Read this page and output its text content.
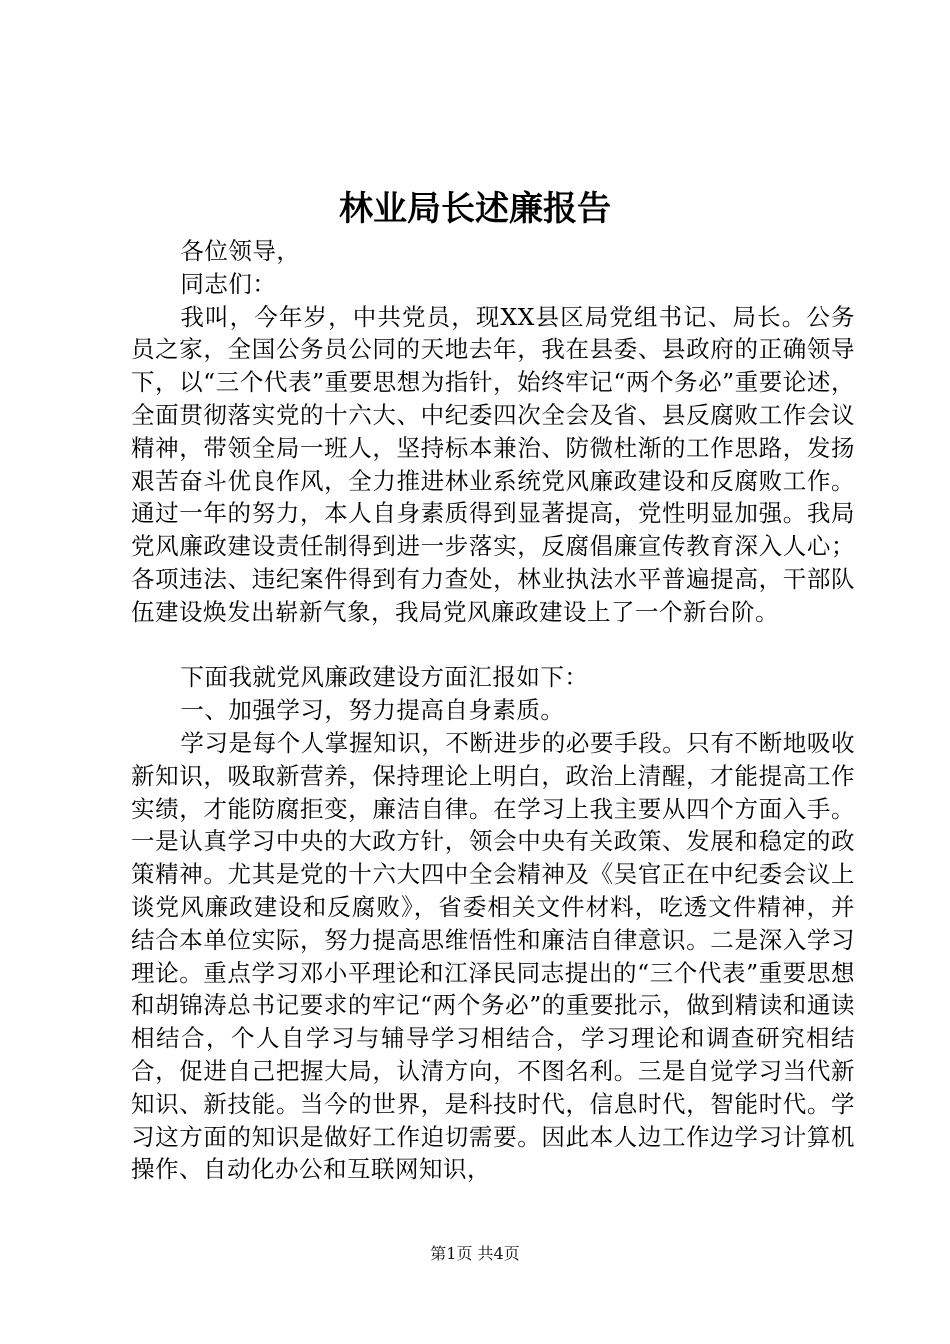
林业局长述廉报告

各位领导，

同志们：

我叫，今年岁，中共党员，现XX县区局党组书记、局长。公务员之家，全国公务员公同的天地去年，我在县委、县政府的正确领导下，以“三个代表”重要思想为指针，始终牢记“两个务必”重要论述，全面贯彻落实党的十六大、中纪委四次全会及省、县反腐败工作会议精神，带领全局一班人，坚持标本兼治、防微杜渐的工作思路，发扬艰苦奋斗优良作风，全力推进林业系统党风廉政建设和反腐败工作。通过一年的努力，本人自身素质得到显著提高，党性明显加强。我局党风廉政建设责任制得到进一步落实，反腐倡廉宣传教育深入人心；各项违法、违纪案件得到有力查处，林业执法水平普遍提高，干部队伍建设焕发出崭新气象，我局党风廉政建设上了一个新台阶。

下面我就党风廉政建设方面汇报如下：

一、加强学习，努力提高自身素质。

学习是每个人掌握知识，不断进步的必要手段。只有不断地吸收新知识，吸取新营养，保持理论上明白，政治上清醒，才能提高工作实绩，才能防腐拒变，廉洁自律。在学习上我主要从四个方面入手。一是认真学习中央的大政方针，领会中央有关政策、发展和稳定的政策精神。尤其是党的十六大四中全会精神及《吴官正在中纪委会议上谈党风廉政建设和反腐败》，省委相关文件材料，吃透文件精神，并结合本单位实际，努力提高思维悟性和廉洁自律意识。二是深入学习理论。重点学习邓小平理论和江泽民同志提出的“三个代表”重要思想和胡锦涛总书记要求的牢记“两个务必”的重要批示，做到精读和通读相结合，个人自学习与辅导学习相结合，学习理论和调查研究相结合，促进自己把握大局，认清方向，不图名利。三是自觉学习当代新知识、新技能。当今的世界，是科技时代，信息时代，智能时代。学习这方面的知识是做好工作迫切需要。因此本人边工作边学习计算机操作、自动化办公和互联网知识，

第1页 共4页
